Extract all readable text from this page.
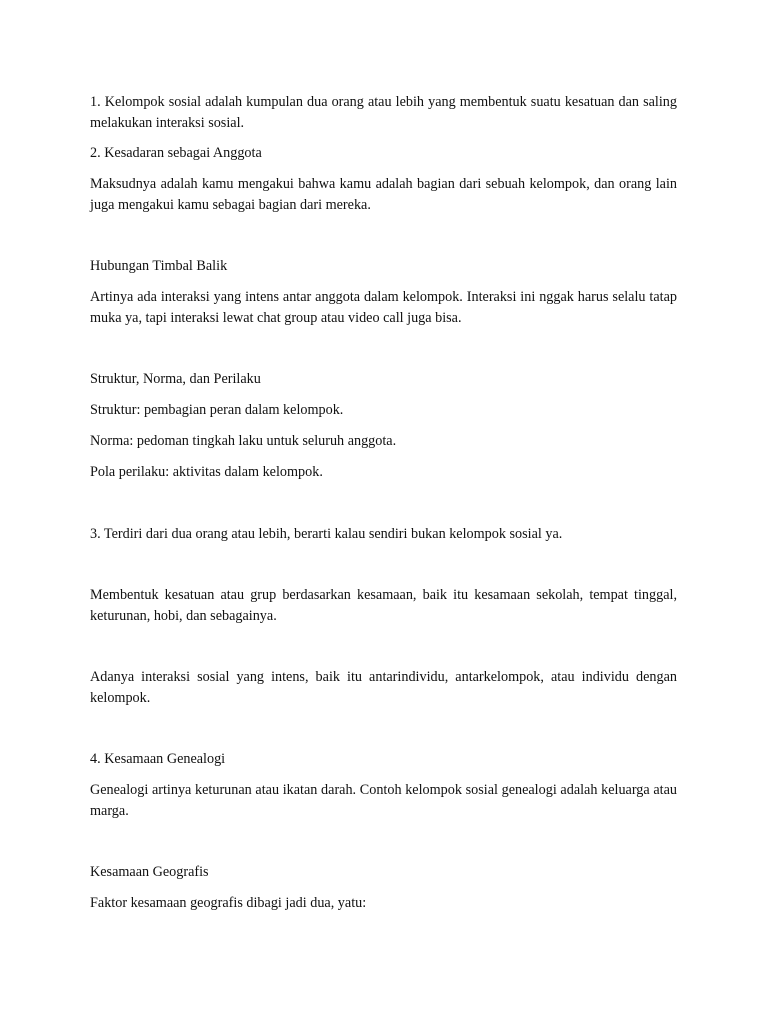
1. Kelompok sosial adalah kumpulan dua orang atau lebih yang membentuk suatu kesatuan dan saling melakukan interaksi sosial.

2. Kesadaran sebagai Anggota

Maksudnya adalah kamu mengakui bahwa kamu adalah bagian dari sebuah kelompok, dan orang lain juga mengakui kamu sebagai bagian dari mereka.

Hubungan Timbal Balik

Artinya ada interaksi yang intens antar anggota dalam kelompok. Interaksi ini nggak harus selalu tatap muka ya, tapi interaksi lewat chat group atau video call juga bisa.

Struktur, Norma, dan Perilaku

Struktur: pembagian peran dalam kelompok.

Norma: pedoman tingkah laku untuk seluruh anggota.

Pola perilaku: aktivitas dalam kelompok.

3. Terdiri dari dua orang atau lebih, berarti kalau sendiri bukan kelompok sosial ya.

Membentuk kesatuan atau grup berdasarkan kesamaan, baik itu kesamaan sekolah, tempat tinggal, keturunan, hobi, dan sebagainya.

Adanya interaksi sosial yang intens, baik itu antarindividu, antarkelompok, atau individu dengan kelompok.

4. Kesamaan Genealogi

Genealogi artinya keturunan atau ikatan darah. Contoh kelompok sosial genealogi adalah keluarga atau marga.

Kesamaan Geografis

Faktor kesamaan geografis dibagi jadi dua, yatu:
